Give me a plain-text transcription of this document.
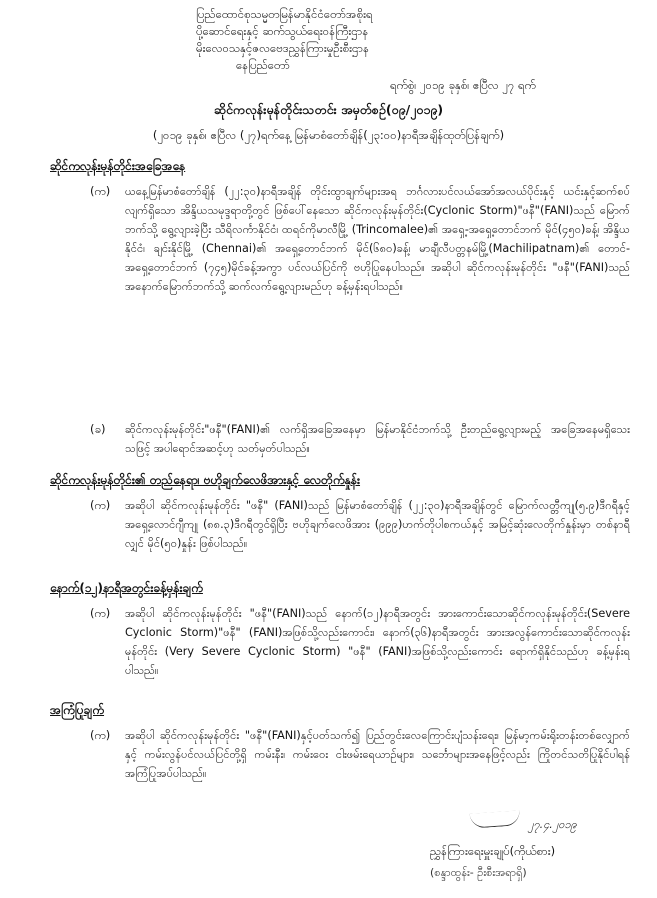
ပြည်ထောင်စုသမ္မတမြန်မာနိုင်ငံတော်အစိုးရ
ပို့ဆောင်ရေးနှင့် ဆက်သွယ်ရေးဝန်ကြီးဌာန
မိုးလေဝသနှင့်ဇလဗေဒညွှန်ကြားမှုဦးစီးဌာန
နေပြည်တော်
ရက်စွဲ၊ ၂၀၁၉ ခုနှစ်၊ ဧပြီလ ၂၇ ရက်
ဆိုင်ကလုန်းမုန်တိုင်းသတင်း အမှတ်စဉ်(၀၉/၂၀၁၉)
(၂၀၁၉ ခုနှစ်၊ ဧပြီလ (၂၇)ရက်နေ့ မြန်မာစံတော်ချိန်(၂၃:၀၀)နာရီအချိန်ထုတ်ပြန်ချက်)
ဆိုင်ကလုန်းမုန်တိုင်းအခြေအနေ
(က) ယနေ့မြန်မာစံတော်ချိန် (၂၂:၃၀)နာရီအချိန် တိုင်းထွာချက်များအရ ဘင်္ဂလားပင်လယ်အော်အလယ်ပိုင်းနှင့် ယင်းနှင့်ဆက်စပ်လျက်ရှိသော အိန္ဒိယသမုဒ္ဒရာတို့တွင် ဖြစ်ပေါ်နေသော ဆိုင်ကလုန်းမုန်တိုင်း(Cyclonic Storm)"ဖနီ"(FANI)သည် မြောက်ဘက်သို့ ရွေ့လျားခဲ့ပြီး သီရိလင်္ကာနိုင်ငံ၊ ထရင်ကိုမာလီမြို့ (Trincomalee)၏ အရှေ့-အရှေ့တောင်ဘက် မိုင်(၄၅၀)ခန့်၊ အိန္ဒိယနိုင်ငံ၊ ချင်းနိုင်မြို့ (Chennai)၏ အရှေ့တောင်ဘက် မိုင်(၆၈၀)ခန့်၊ မာချီလီပတ္တနမ်မြို့(Machilipatnam)၏ တောင်-အရှေ့တောင်ဘက် (၇၄၅)မိုင်ခန့်အကွာ ပင်လယ်ပြင်ကို ဗဟိုပြုနေပါသည်။ အဆိုပါ ဆိုင်ကလုန်းမုန်တိုင်း "ဖနီ"(FANI)သည် အနောက်မြောက်ဘက်သို့ ဆက်လက်ရွေ့လျားမည်ဟု ခန့်မှန်းရပါသည်။
(ခ) ဆိုင်ကလုန်းမုန်တိုင်း"ဖနီ"(FANI)၏ လက်ရှိအခြေအနေမှာ မြန်မာနိုင်ငံဘက်သို့ ဦးတည်ရွေ့လျားမည့် အခြေအနေမရှိသေးသဖြင့် အပါရောင်အဆင့်ဟု သတ်မှတ်ပါသည်။
ဆိုင်ကလုန်းမုန်တိုင်း၏ တည်နေရာ၊ ဗဟိုချက်လေဖိအားနှင့် လေတိုက်နှုန်း
(က) အဆိုပါ ဆိုင်ကလုန်းမုန်တိုင်း "ဖနီ" (FANI)သည် မြန်မာစံတော်ချိန် (၂၂:၃၀)နာရီအချိန်တွင် မြောက်လတ္တီကျု(၅.၉)ဒီဂရီနှင့် အရှေ့လောင်ဂျီကျု (၈၈.၃)ဒီဂရီတွင်ရှိပြီး ဗဟိုချက်လေဖိအား (၉၉၉)ဟက်တိုပါစကယ်နှင့် အမြင့်ဆုံးလေတိုက်နှုန်းမှာ တစ်နာရီလျှင် မိုင်(၅၀)နှုန်း ဖြစ်ပါသည်။
နောက်(၁၂)နာရီအတွင်းခန့်မှန်းချက်
(က) အဆိုပါ ဆိုင်ကလုန်းမုန်တိုင်း "ဖနီ"(FANI)သည် နောက်(၁၂)နာရီအတွင်း အားကောင်းသောဆိုင်ကလုန်းမုန်တိုင်း(Severe Cyclonic Storm)"ဖနီ" (FANI)အဖြစ်သို့လည်းကောင်း၊ နောက်(၃၆)နာရီအတွင်း အားအလွန်ကောင်းသောဆိုင်ကလုန်းမုန်တိုင်း (Very Severe Cyclonic Storm) "ဖနီ" (FANI)အဖြစ်သို့လည်းကောင်း ရောက်ရှိနိုင်သည်ဟု ခန့်မှန်းရပါသည်။
အကြံပြုချက်
(က) အဆိုပါ ဆိုင်ကလုန်းမုန်တိုင်း "ဖနီ"(FANI)နှင့်ပတ်သက်၍ ပြည်တွင်းလေကြောင်းပျံသန်းရေး၊ မြန်မာ့ကမ်းရိုးတန်းတစ်လျှောက်နှင့် ကမ်းလွန်ပင်လယ်ပြင်တို့ရှိ ကမ်းနီး၊ ကမ်းဝေး ငါးဖမ်းရေယာဉ်များ၊ သင်္ဘောများအနေဖြင့်လည်း ကြိုတင်သတိပြုနိုင်ပါရန် အကြံပြုအပ်ပါသည်။
၂၇.၄.၂၀၁၉
ညွှန်ကြားရေးမှူးချုပ်(ကိုယ်စား)
(စန္ဒာထွန်း- ဦးစီးအရာရှိ)
